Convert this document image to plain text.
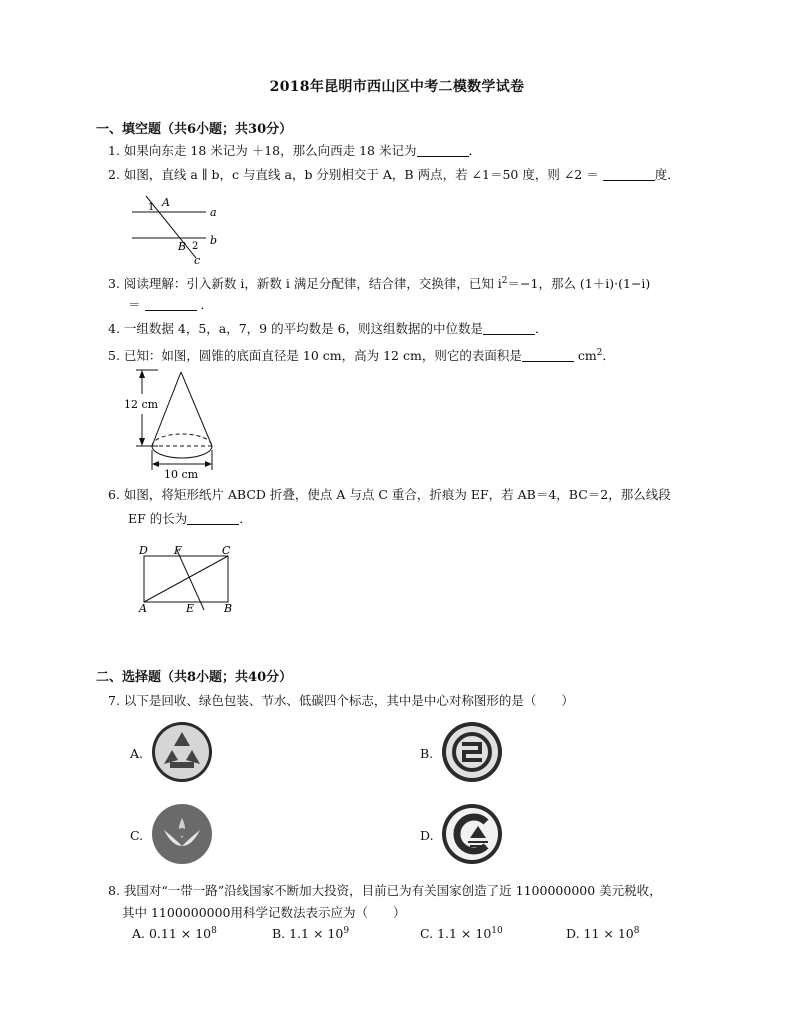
2018年昆明市西山区中考二模数学试卷
一、填空题（共6小题；共30分）
1. 如果向东走 18 米记为 ＋18，那么向西走 18 米记为	．
2. 如图，直线 a ∥ b，c 与直线 a，b 分别相交于 A，B 两点，若 ∠1＝50 度，则 ∠2 ＝	度．
A
a
b
B
c
1
2
3. 阅读理解：引入新数 i，新数 i 满足分配律，结合律，交换律，已知 $i^2=-1$，那么 (1＋i)·(1−i)
＝	．
4. 一组数据 4，5，a，7，9 的平均数是 6，则这组数据的中位数是	．
5. 已知：如图，圆锥的底面直径是 10 cm，高为 12 cm，则它的表面积是	$cm^2$．
12 cm
10 cm
6. 如图，将矩形纸片 ABCD 折叠，使点 A 与点 C 重合，折痕为 EF，若 AB＝4，BC＝2，那么线段
EF 的长为	．
D F	C
A	E	B
二、选择题（共8小题；共40分）
7. 以下是回收、绿色包装、节水、低碳四个标志，其中是中心对称图形的是（　　）
A.	B.
C.	D.
8. 我国对“一带一路”沿线国家不断加大投资，目前已为有关国家创造了近 1100000000 美元税收，
其中 1100000000用科学记数法表示应为（　　）
A. $0.11 \times 10^8$	B. $1.1 \times 10^9$	C. $1.1 \times 10^{10}$	D. $11 \times 10^8$
